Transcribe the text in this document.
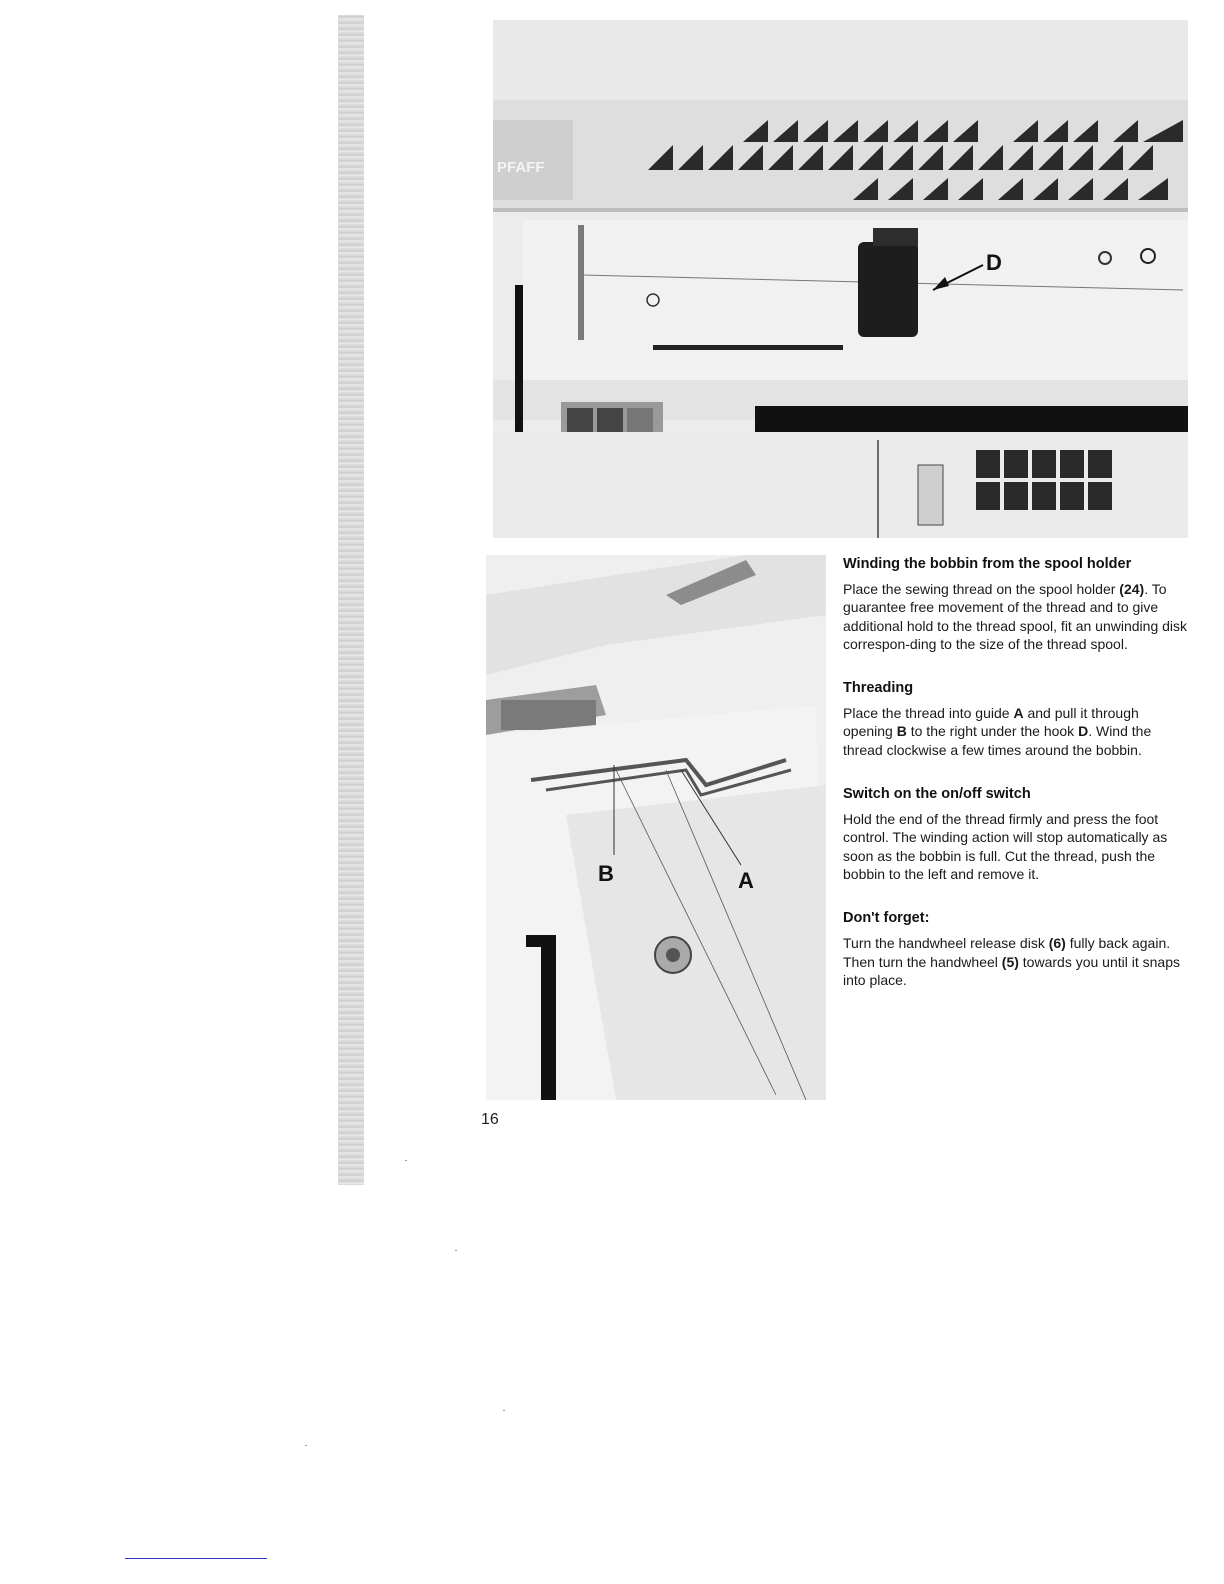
PFAFF
D
B	A
Winding the bobbin from the spool holder
Place the sewing thread on the spool holder (24). To guarantee free movement of the thread and to give additional hold to the thread spool, fit an unwinding disk correspon-ding to the size of the thread spool.
Threading
Place the thread into guide A and pull it through opening B to the right under the hook D. Wind the thread clockwise a few times around the bobbin.
Switch on the on/off switch
Hold the end of the thread firmly and press the foot control. The winding action will stop automatically as soon as the bobbin is full. Cut the thread, push the bobbin to the left and remove it.
Don't forget:
Turn the handwheel release disk (6) fully back again. Then turn the handwheel (5) towards you until it snaps into place.
16
